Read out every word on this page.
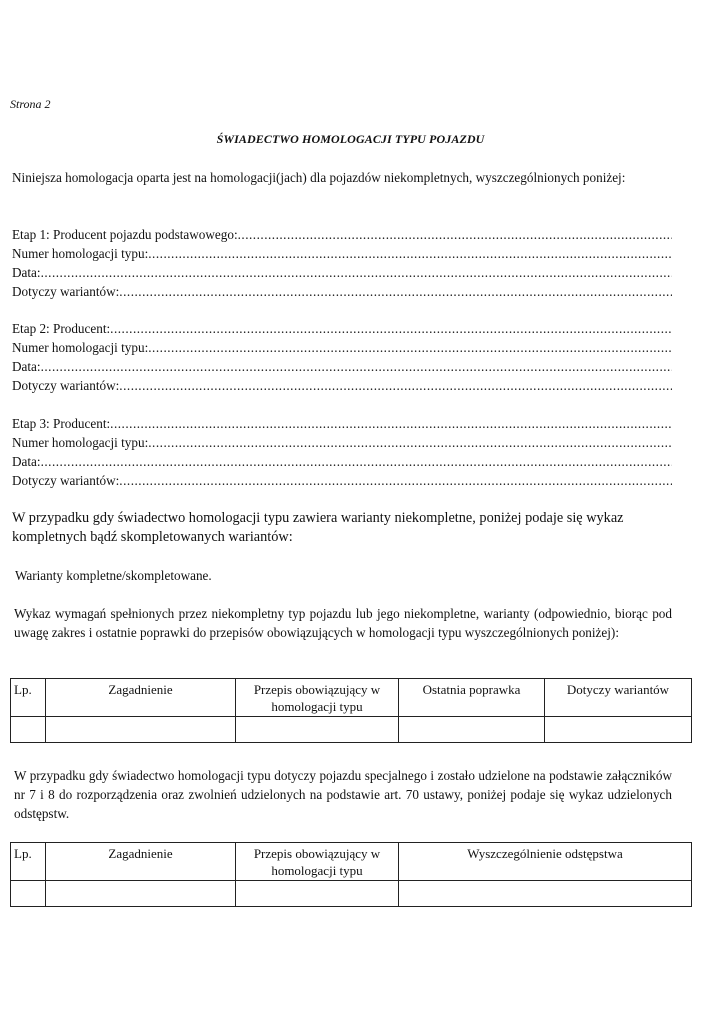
Strona 2
ŚWIADECTWO HOMOLOGACJI TYPU POJAZDU
Niniejsza homologacja oparta jest na homologacji(jach) dla pojazdów niekompletnych, wyszczególnionych poniżej:
Etap 1: Producent pojazdu podstawowego:
.....
Numer homologacji typu:
.....
Data:
.....
Dotyczy wariantów:
.....
Etap 2: Producent:
.....
Numer homologacji typu:
.....
Data:
.....
Dotyczy wariantów:
.....
Etap 3: Producent:
.....
Numer homologacji typu:
.....
Data:
.....
Dotyczy wariantów:
.....
W przypadku gdy świadectwo homologacji typu zawiera warianty niekompletne, poniżej podaje się wykaz kompletnych bądź skompletowanych wariantów:
Warianty kompletne/skompletowane.
Wykaz wymagań spełnionych przez niekompletny typ pojazdu lub jego niekompletne, warianty (odpowiednio, biorąc pod uwagę zakres i ostatnie poprawki do przepisów obowiązujących w homologacji typu wyszczególnionych poniżej):
Lp.	Zagadnienie	Przepis obowiązujący w homologacji typu	Ostatnia poprawka	Dotyczy wariantów

W przypadku gdy świadectwo homologacji typu dotyczy pojazdu specjalnego i zostało udzielone na podstawie załączników nr 7 i 8 do rozporządzenia oraz zwolnień udzielonych na podstawie art. 70 ustawy, poniżej podaje się wykaz udzielonych odstępstw.
Lp.	Zagadnienie	Przepis obowiązujący w homologacji typu	Wyszczególnienie odstępstwa
